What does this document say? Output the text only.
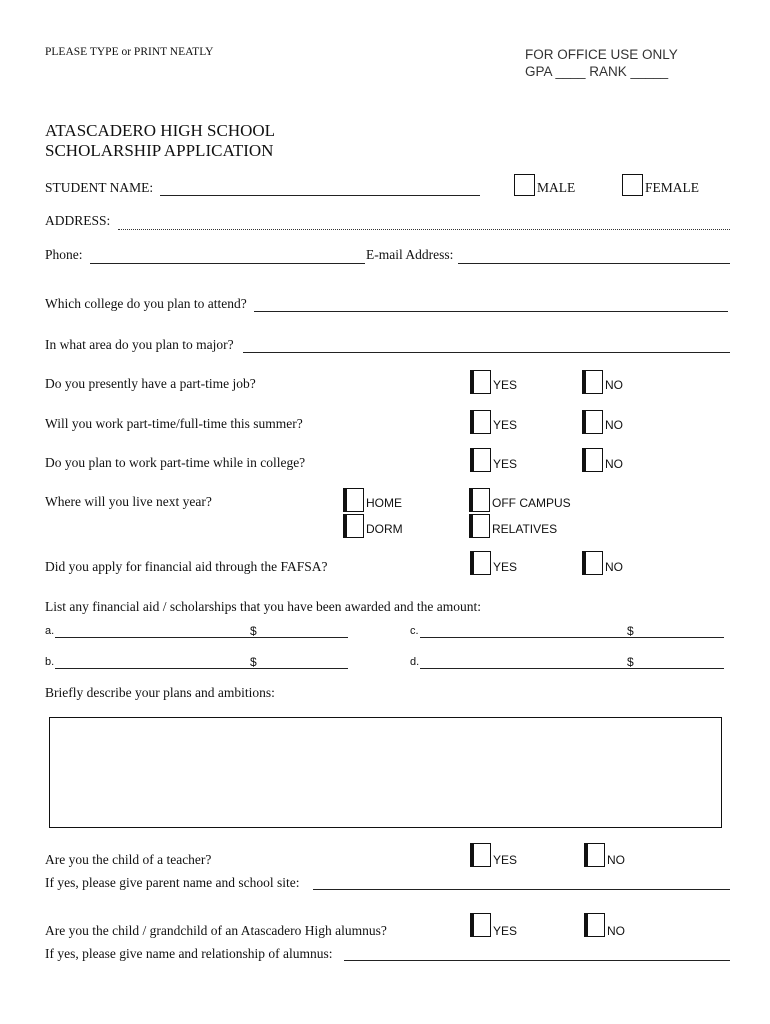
PLEASE TYPE or PRINT NEATLY	FOR OFFICE USE ONLY
GPA ____ RANK _____
ATASCADERO HIGH SCHOOL
SCHOLARSHIP APPLICATION
STUDENT NAME:	MALE	FEMALE
ADDRESS:
Phone:	E-mail Address:
Which college do you plan to attend?
In what area do you plan to major?
Do you presently have a part-time job?	YES	NO
Will you work part-time/full-time this summer?	YES	NO
Do you plan to work part-time while in college?	YES	NO
Where will you live next year?	HOME	OFF CAMPUS
DORM	RELATIVES
Did you apply for financial aid through the FAFSA?	YES	NO
List any financial aid / scholarships that you have been awarded and the amount:
a.	$	c.	$
b.	$	d.	$
Briefly describe your plans and ambitions:
Are you the child of a teacher?	YES	NO
If yes, please give parent name and school site:
Are you the child / grandchild of an Atascadero High alumnus?	YES	NO
If yes, please give name and relationship of alumnus:
